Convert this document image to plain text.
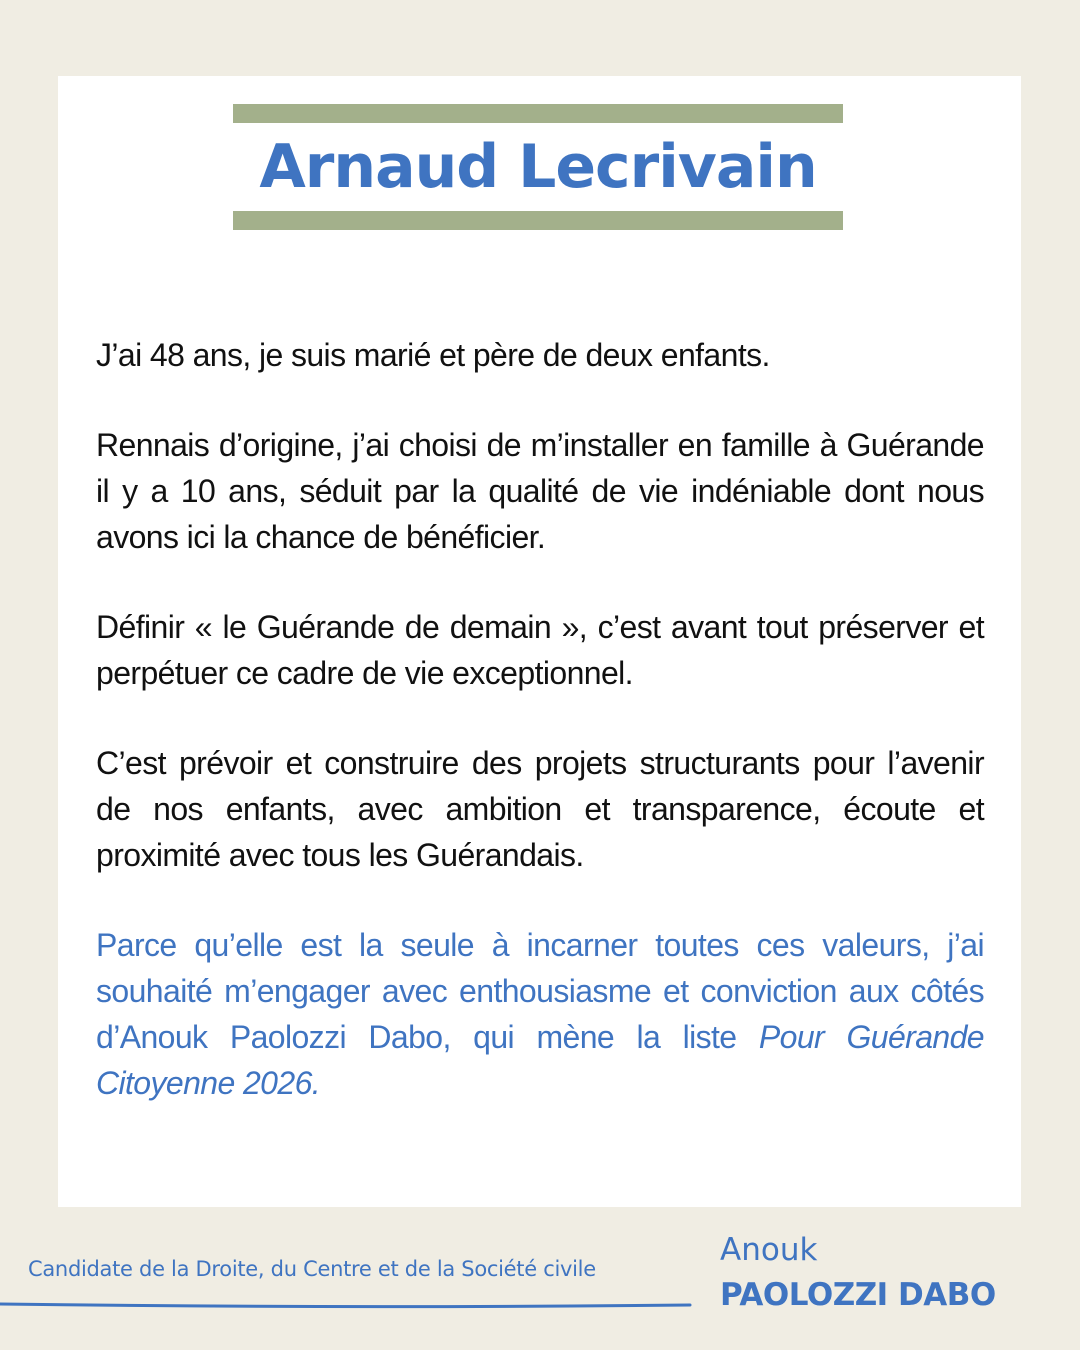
Arnaud Lecrivain

J’ai 48 ans, je suis marié et père de deux enfants.

Rennais d’origine, j’ai choisi de m’installer en famille à Guérande il y a 10 ans, séduit par la qualité de vie indéniable dont nous avons ici la chance de bénéficier.

Définir « le Guérande de demain », c’est avant tout préserver et perpétuer ce cadre de vie exceptionnel.

C’est prévoir et construire des projets structurants pour l’avenir de nos enfants, avec ambition et transparence, écoute et proximité avec tous les Guérandais.

Parce qu’elle est la seule à incarner toutes ces valeurs, j’ai souhaité m’engager avec enthousiasme et conviction aux côtés d’Anouk Paolozzi Dabo, qui mène la liste Pour Guérande Citoyenne 2026.

Candidate de la Droite, du Centre et de la Société civile
Anouk
PAOLOZZI DABO
